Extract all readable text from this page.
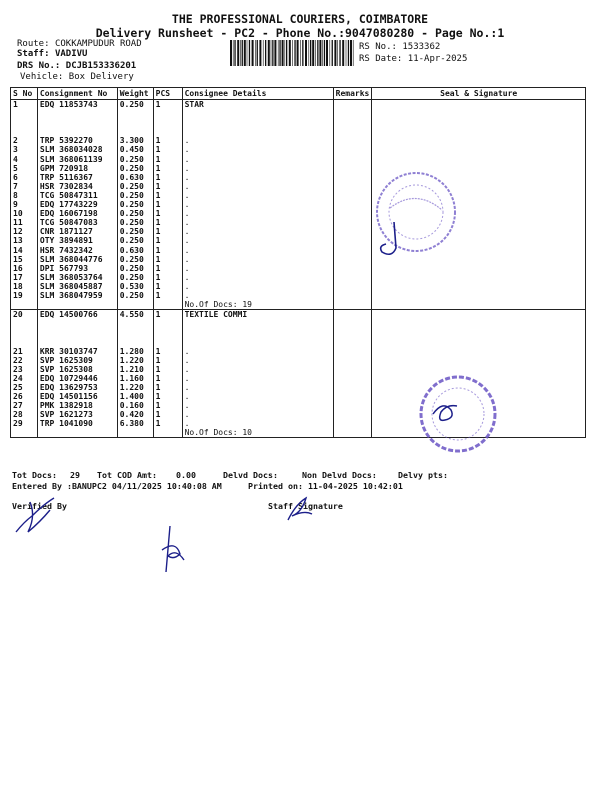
THE PROFESSIONAL COURIERS, COIMBATORE
Delivery Runsheet - PC2 - Phone No.:9047080280 - Page No.:1
Route: COKKAMPUDUR ROAD
Staff: VADIVU
DRS No.: DCJB153336201
Vehicle: Box Delivery
RS No.: 1533362
RS Date: 11-Apr-2025
S No	Consignment No	Weight	PCS	Consignee Details	Remarks	Seal & Signature
1	EDQ 11853743	0.250	1	STAR		

2	TRP 5392270	3.300	1	.		
3	SLM 368034028	0.450	1	.		
4	SLM 368061139	0.250	1	.		
5	GPM 720918	0.250	1	.		
6	TRP 5116367	0.630	1	.		
7	HSR 7302834	0.250	1	.		
8	TCG 50847311	0.250	1	.		
9	EDQ 17743229	0.250	1	.		
10	EDQ 16067198	0.250	1	.		
11	TCG 50847083	0.250	1	.		
12	CNR 1871127	0.250	1	.		
13	OTY 3894891	0.250	1	.		
14	HSR 7432342	0.630	1	.		
15	SLM 368044776	0.250	1	.		
16	DPI 567793	0.250	1	.		
17	SLM 368053764	0.250	1	.		
18	SLM 368045887	0.530	1	.		
19	SLM 368047959	0.250	1	.		
				No.Of Docs: 19		
20	EDQ 14500766	4.550	1	TEXTILE COMMI		

21	KRR 30103747	1.280	1	.		
22	SVP 1625309	1.220	1	.		
23	SVP 1625308	1.210	1	.		
24	EDQ 10729446	1.160	1	.		
25	EDQ 13629753	1.220	1	.		
26	EDQ 14501156	1.400	1	.		
27	PMK 1382918	0.160	1	.		
28	SVP 1621273	0.420	1	.		
29	TRP 1041090	6.380	1	.		
				No.Of Docs: 10		
Tot Docs: 29 Tot COD Amt: 0.00	Delvd Docs:	Non Delvd Docs:	Delvy pts:
Entered By :BANUPC2 04/11/2025 10:40:08 AM	Printed on: 11-04-2025 10:42:01
Verified By	Staff Signature
